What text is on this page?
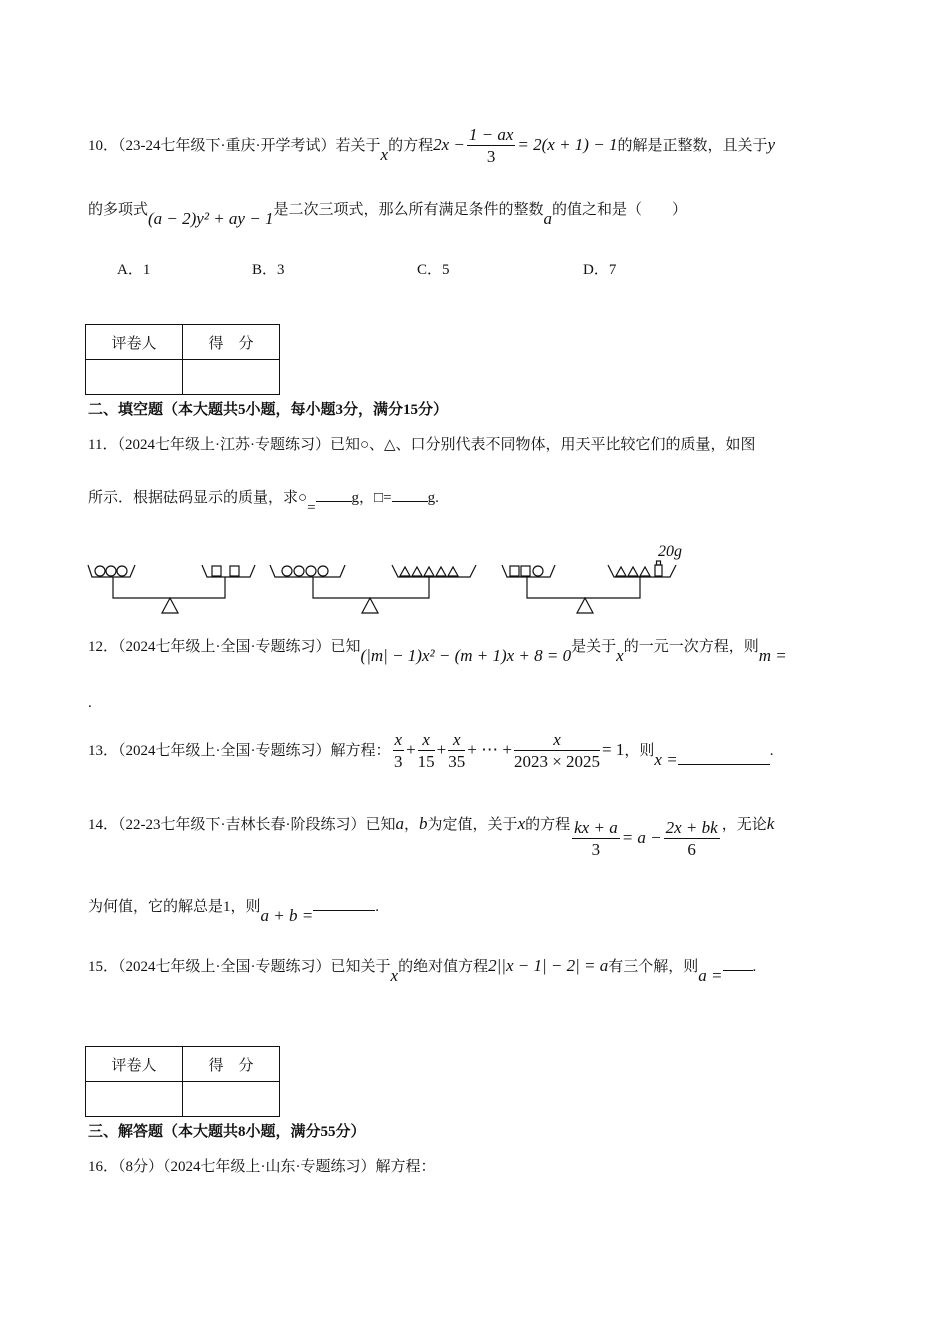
10．（23-24七年级下·重庆·开学考试）若关于x的方程$2x - \frac{1 - ax}{3} = 2(x + 1) - 1$的解是正整数，且关于y
的多项式(a − 2)y² + ay − 1是二次三项式，那么所有满足条件的整数a的值之和是（　　）
A．1	B．3	C．5	D．7
评卷人	得　分

二、填空题（本大题共5小题，每小题3分，满分15分）
11．（2024七年级上·江苏·专题练习）已知○、△、口分别代表不同物体，用天平比较它们的质量，如图
所示．根据砝码显示的质量，求○=g，□= g.
20g
12．（2024七年级上·全国·专题练习）已知(|m| − 1)x² − (m + 1)x + 8 = 0是关于x的一元一次方程，则m =
.
13．（2024七年级上·全国·专题练习）解方程： $\frac{x}{3} + \frac{x}{15} + \frac{x}{35}$ + ⋯ + $\frac{x}{2023 \times 2025} = 1$，则x =	.
14．（22-23七年级下·吉林长春·阶段练习）已知a，b为定值，关于x的方程 $\frac{kx + a}{3} = a - \frac{2x + bk}{6}$ ，无论k
为何值，它的解总是1，则a + b =	.
15．（2024七年级上·全国·专题练习）已知关于x的绝对值方程2||x − 1| − 2| = a有三个解，则a = .
评卷人	得　分

三、解答题（本大题共8小题，满分55分）
16．（8分）（2024七年级上·山东·专题练习）解方程：
